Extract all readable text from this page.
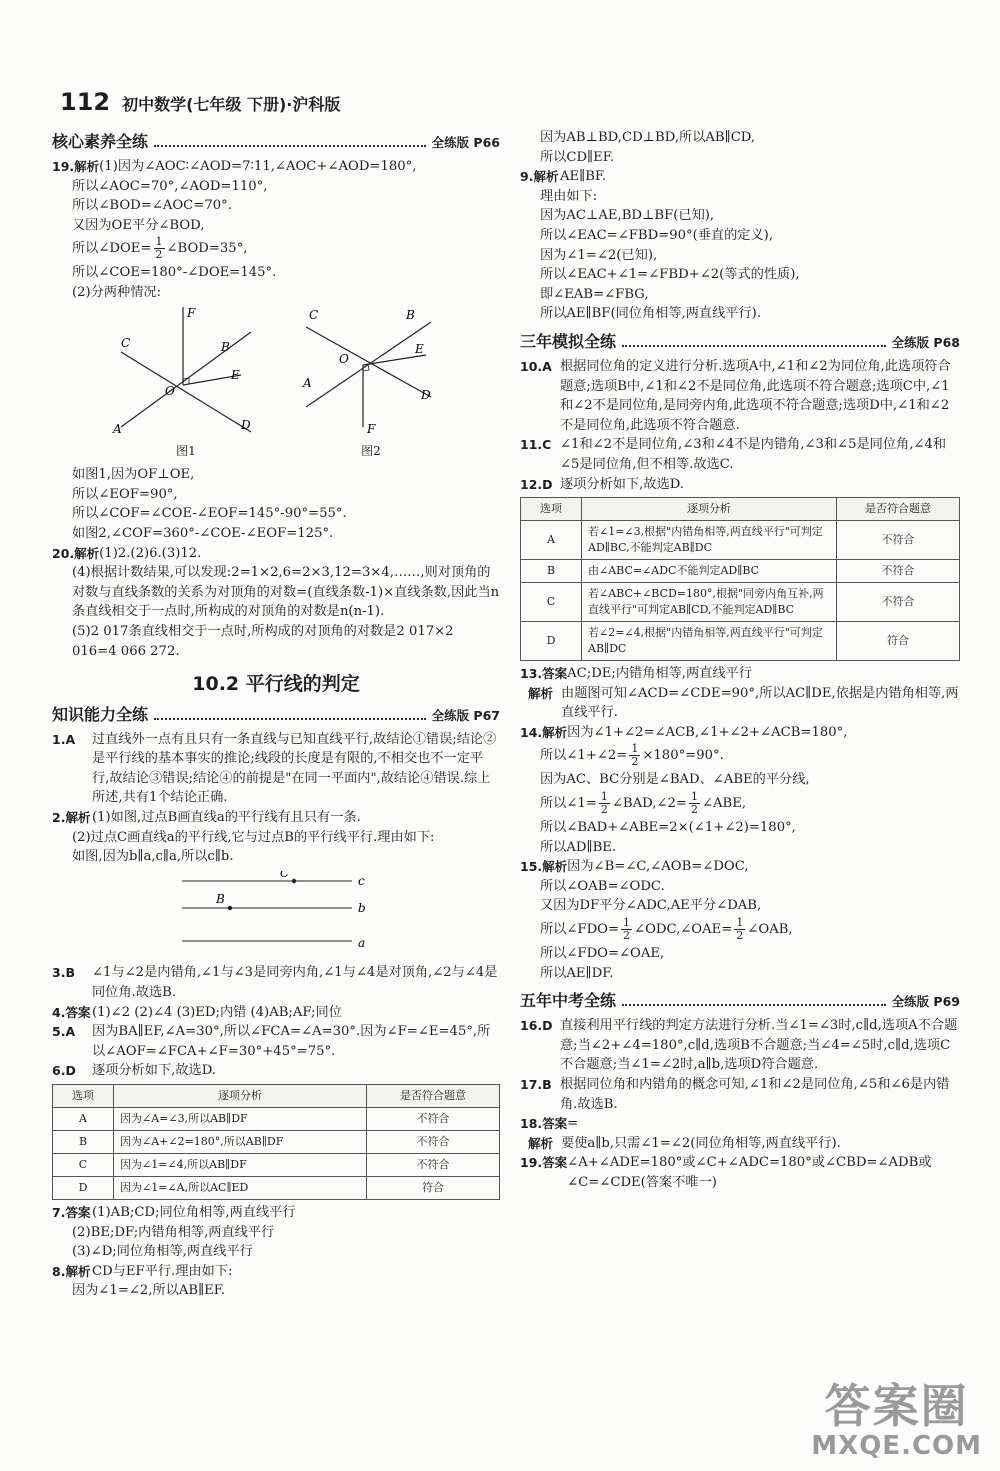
112 初中数学(七年级 下册)·沪科版
核心素养全练	全练版 P66
19.解析 (1)因为∠AOC∶∠AOD=7∶11,∠AOC+∠AOD=180°,

所以∠AOC=70°,∠AOD=110°,

所以∠BOD=∠AOC=70°.

又因为OE平分∠BOD,

所以∠DOE= $\frac{1}{2}$ ∠BOD=35°,

所以∠COE=180°-∠DOE=145°.

(2)分两种情况:

F
C	B
E
O
A	D
图1
C	B
E
O
A
D
F
图2

如图1,因为OF⊥OE,

所以∠EOF=90°,

所以∠COF=∠COE-∠EOF=145°-90°=55°.

如图2,∠COF=360°-∠COE-∠EOF=125°.

20.解析 (1)2.(2)6.(3)12.

(4)根据计数结果,可以发现:2=1×2,6=2×3,12=3×4,……,则对顶角的对数与直线条数的关系为对顶角的对数=(直线条数-1)×直线条数,因此当n条直线相交于一点时,所构成的对顶角的对数是n(n-1).

(5)2 017条直线相交于一点时,所构成的对顶角的对数是2 017×2 016=4 066 272.

10.2 平行线的判定
知识能力全练	全练版 P67
1.A	过直线外一点有且只有一条直线与已知直线平行,故结论①错误;结论②是平行线的基本事实的推论;线段的长度是有限的,不相交也不一定平行,故结论③错误;结论④的前提是"在同一平面内",故结论④错误.综上所述,共有1个结论正确.

2.解析 (1)如图,过点B画直线a的平行线有且只有一条.

(2)过点C画直线a的平行线,它与过点B的平行线平行.理由如下:

如图,因为b∥a,c∥a,所以c∥b.

C
c
B
b
a
3.B	∠1与∠2是内错角,∠1与∠3是同旁内角,∠1与∠4是对顶角,∠2与∠4是同位角.故选B.

4.答案 (1)∠2 (2)∠4 (3)ED;内错 (4)AB;AF;同位

5.A	因为BA∥EF,∠A=30°,所以∠FCA=∠A=30°.因为∠F=∠E=45°,所以∠AOF=∠FCA+∠F=30°+45°=75°.

6.D	逐项分析如下,故选D.

选项	逐项分析	是否符合题意
A	因为∠A=∠3,所以AB∥DF	不符合
B	因为∠A+∠2=180°,所以AB∥DF	不符合
C	因为∠1=∠4,所以AB∥DF	不符合
D	因为∠1=∠A,所以AC∥ED	符合
7.答案 (1)AB;CD;同位角相等,两直线平行

(2)BE;DF;内错角相等,两直线平行

(3)∠D;同位角相等,两直线平行

8.解析 CD与EF平行.理由如下:

因为∠1=∠2,所以AB∥EF.

因为AB⊥BD,CD⊥BD,所以AB∥CD,

所以CD∥EF.

9.解析 AE∥BF.

理由如下:

因为AC⊥AE,BD⊥BF(已知),

所以∠EAC=∠FBD=90°(垂直的定义),

因为∠1=∠2(已知),

所以∠EAC+∠1=∠FBD+∠2(等式的性质),

即∠EAB=∠FBG,

所以AE∥BF(同位角相等,两直线平行).

三年模拟全练	全练版 P68
10.A 根据同位角的定义进行分析.选项A中,∠1和∠2为同位角,此选项符合题意;选项B中,∠1和∠2不是同位角,此选项不符合题意;选项C中,∠1和∠2不是同位角,是同旁内角,此选项不符合题意;选项D中,∠1和∠2不是同位角,此选项不符合题意.

11.C ∠1和∠2不是同位角,∠3和∠4不是内错角,∠3和∠5是同位角,∠4和∠5是同位角,但不相等.故选C.

12.D 逐项分析如下,故选D.

选项	逐项分析	是否符合题意
A	若∠1=∠3,根据"内错角相等,两直线平行"可判定AD∥BC,不能判定AB∥DC	不符合
B	由∠ABC=∠ADC不能判定AD∥BC	不符合
C	若∠ABC+∠BCD=180°,根据"同旁内角互补,两直线平行"可判定AB∥CD,不能判定AD∥BC	不符合
D	若∠2=∠4,根据"内错角相等,两直线平行"可判定AB∥DC	符合
13.答案 AC;DE;内错角相等,两直线平行

解析 由题图可知∠ACD=∠CDE=90°,所以AC∥DE,依据是内错角相等,两直线平行.

14.解析 因为∠1+∠2=∠ACB,∠1+∠2+∠ACB=180°,

所以∠1+∠2= $\frac{1}{2} \times 180^\circ=90^\circ$.

因为AC、BC分别是∠BAD、∠ABE的平分线,

所以∠1= $\frac{1}{2}$ ∠BAD,∠2= $\frac{1}{2}$ ∠ABE,

所以∠BAD+∠ABE=2×(∠1+∠2)=180°,

所以AD∥BE.

15.解析 因为∠B=∠C,∠AOB=∠DOC,

所以∠OAB=∠ODC.

又因为DF平分∠ADC,AE平分∠DAB,

所以∠FDO= $\frac{1}{2}$ ∠ODC,∠OAE= $\frac{1}{2}$ ∠OAB,

所以∠FDO=∠OAE,

所以AE∥DF.

五年中考全练	全练版 P69
16.D 直接利用平行线的判定方法进行分析.当∠1=∠3时,c∥d,选项A不合题意;当∠2+∠4=180°,c∥d,选项B不合题意;当∠4=∠5时,c∥d,选项C不合题意;当∠1=∠2时,a∥b,选项D符合题意.

17.B 根据同位角和内错角的概念可知,∠1和∠2是同位角,∠5和∠6是内错角.故选B.

18.答案 =

解析 要使a∥b,只需∠1=∠2(同位角相等,两直线平行).

19.答案 ∠A+∠ADE=180°或∠C+∠ADC=180°或∠CBD=∠ADB或∠C=∠CDE(答案不唯一)

答案圈
MXQE.COM
